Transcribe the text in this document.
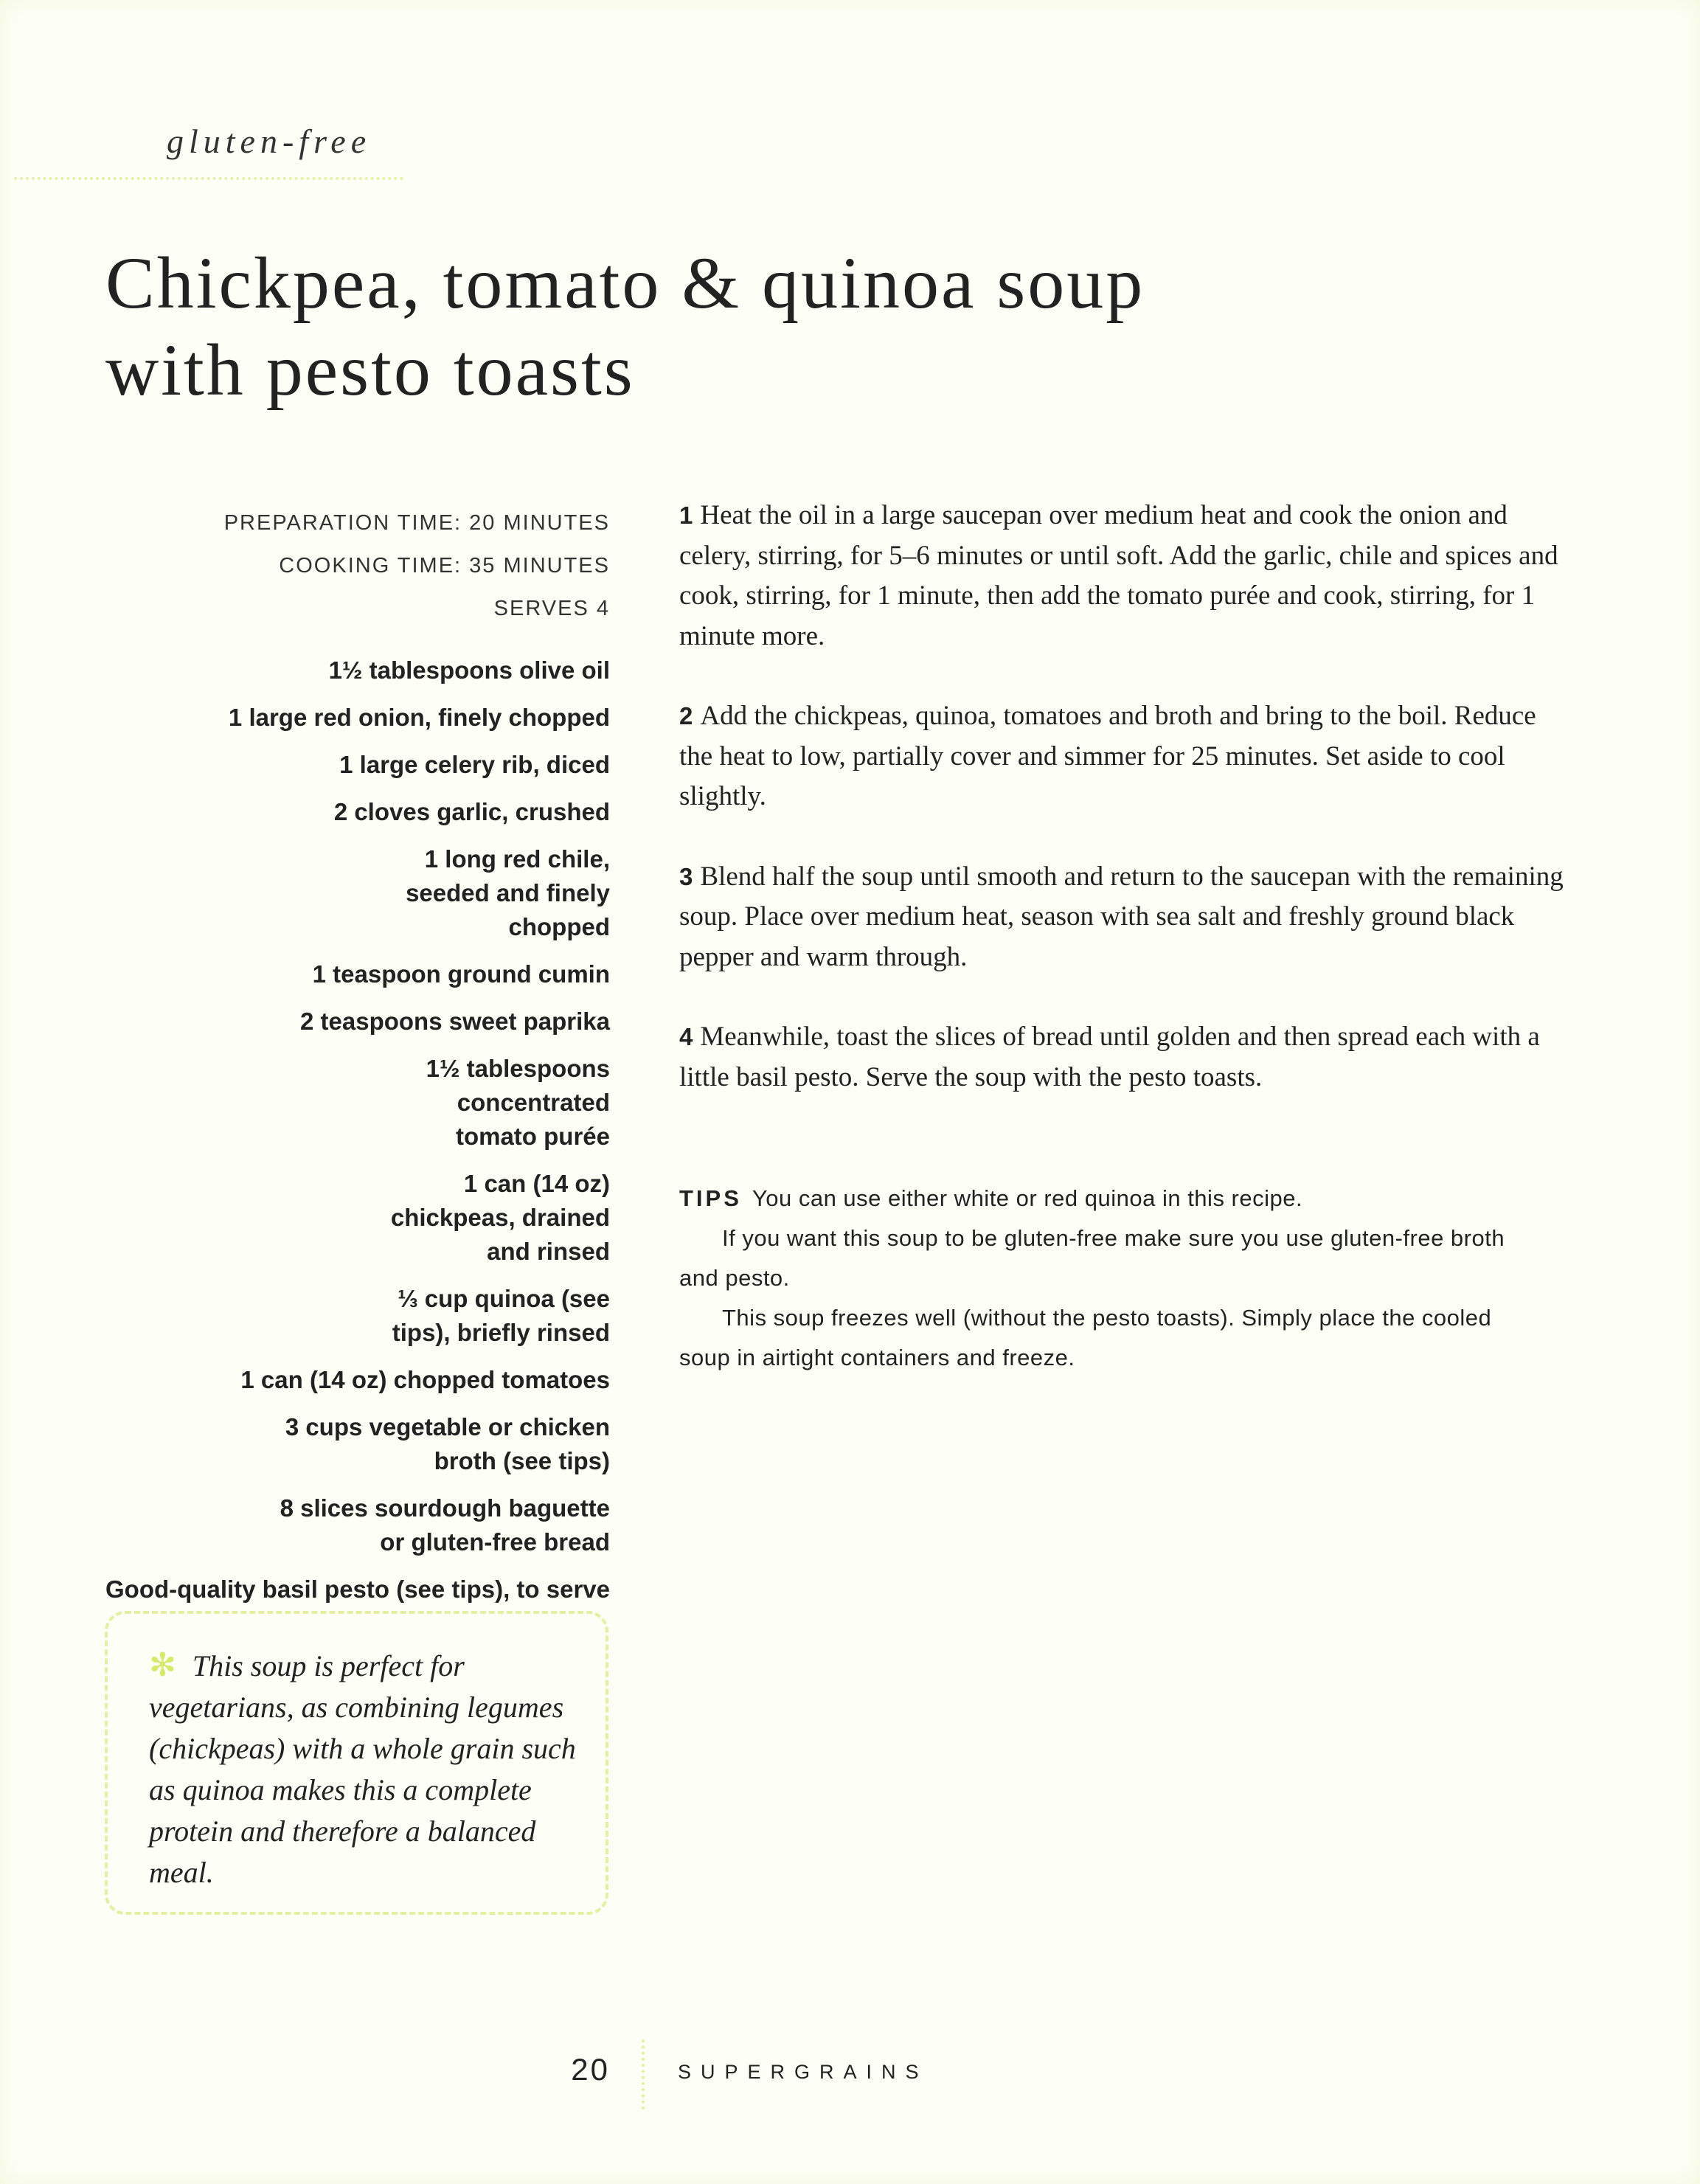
gluten-free
Chickpea, tomato & quinoa soup
with pesto toasts
PREPARATION TIME: 20 MINUTES
COOKING TIME: 35 MINUTES
SERVES 4
1½ tablespoons olive oil
1 large red onion, finely chopped
1 large celery rib, diced
2 cloves garlic, crushed
1 long red chile, seeded and finely chopped
1 teaspoon ground cumin
2 teaspoons sweet paprika
1½ tablespoons concentrated tomato purée
1 can (14 oz) chickpeas, drained and rinsed
⅓ cup quinoa (see tips), briefly rinsed
1 can (14 oz) chopped tomatoes
3 cups vegetable or chicken broth (see tips)
8 slices sourdough baguette or gluten-free bread
Good-quality basil pesto (see tips), to serve

1 Heat the oil in a large saucepan over medium heat and cook the onion and celery, stirring, for 5–6 minutes or until soft. Add the garlic, chile and spices and cook, stirring, for 1 minute, then add the tomato purée and cook, stirring, for 1 minute more.

2 Add the chickpeas, quinoa, tomatoes and broth and bring to the boil. Reduce the heat to low, partially cover and simmer for 25 minutes. Set aside to cool slightly.

3 Blend half the soup until smooth and return to the saucepan with the remaining soup. Place over medium heat, season with sea salt and freshly ground black pepper and warm through.

4 Meanwhile, toast the slices of bread until golden and then spread each with a little basil pesto. Serve the soup with the pesto toasts.

TIPS You can use either white or red quinoa in this recipe.

If you want this soup to be gluten-free make sure you use gluten-free broth and pesto.

This soup freezes well (without the pesto toasts). Simply place the cooled soup in airtight containers and freeze.

✻ This soup is perfect for vegetarians, as combining legumes (chickpeas) with a whole grain such as quinoa makes this a complete protein and therefore a balanced meal.
20	SUPERGRAINS
